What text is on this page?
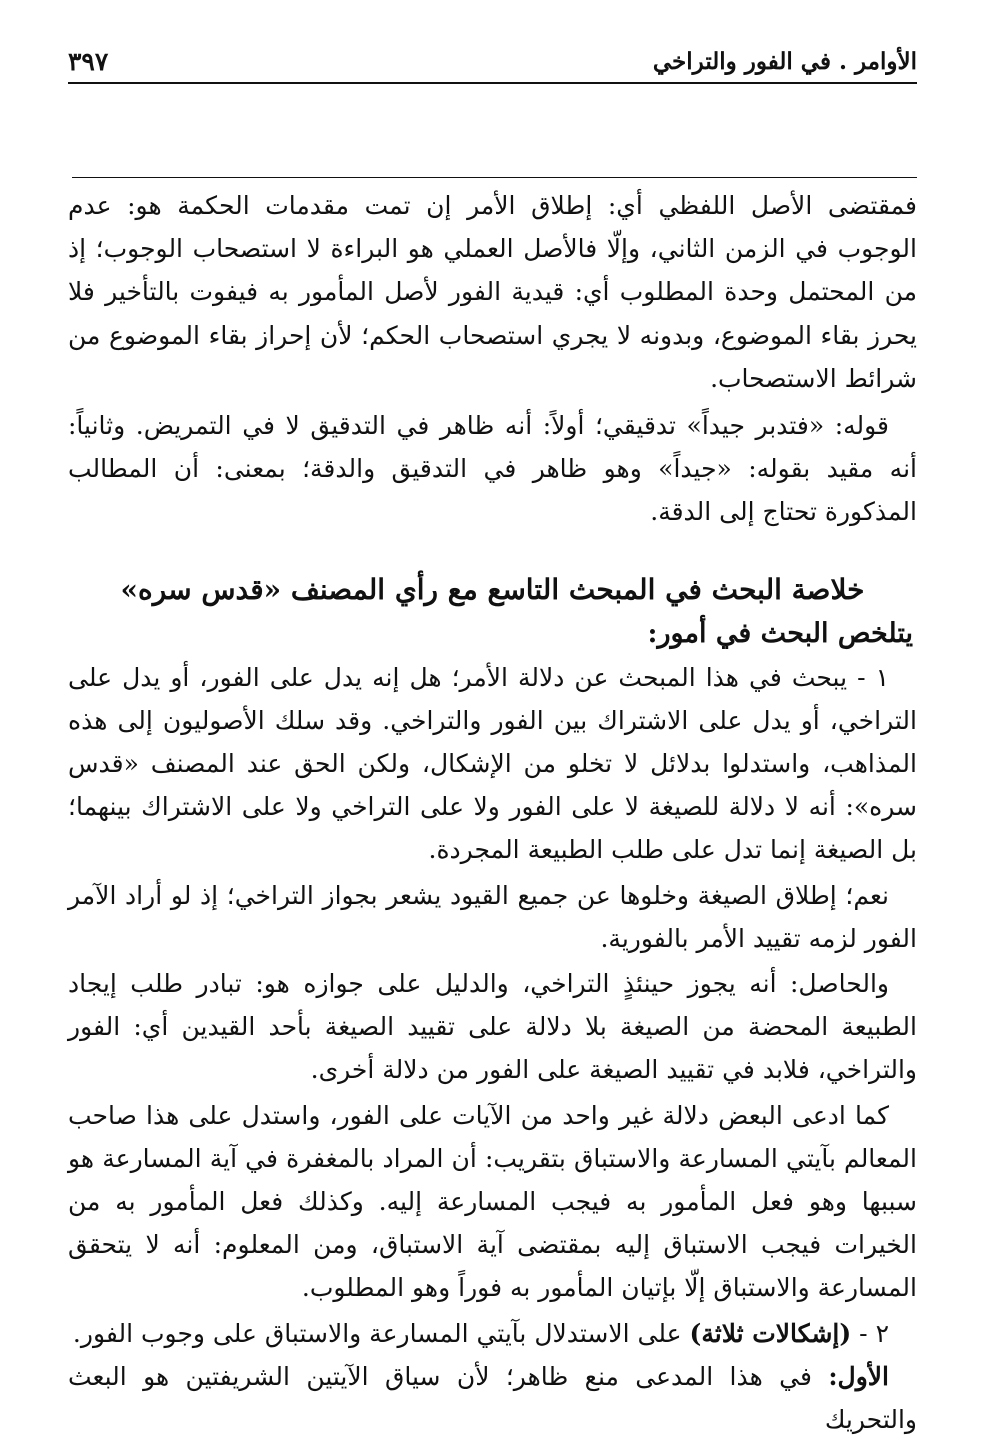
الأوامر . في الفور والتراخي
٣٩٧

فمقتضى الأصل اللفظي أي: إطلاق الأمر إن تمت مقدمات الحكمة هو: عدم الوجوب في الزمن الثاني، وإلّا فالأصل العملي هو البراءة لا استصحاب الوجوب؛ إذ من المحتمل وحدة المطلوب أي: قيدية الفور لأصل المأمور به فيفوت بالتأخير فلا يحرز بقاء الموضوع، وبدونه لا يجري استصحاب الحكم؛ لأن إحراز بقاء الموضوع من شرائط الاستصحاب.

قوله: «فتدبر جيداً» تدقيقي؛ أولاً: أنه ظاهر في التدقيق لا في التمريض. وثانياً: أنه مقيد بقوله: «جيداً» وهو ظاهر في التدقيق والدقة؛ بمعنى: أن المطالب المذكورة تحتاج إلى الدقة.

خلاصة البحث في المبحث التاسع مع رأي المصنف «قدس سره»
يتلخص البحث في أمور:

١ - يبحث في هذا المبحث عن دلالة الأمر؛ هل إنه يدل على الفور، أو يدل على التراخي، أو يدل على الاشتراك بين الفور والتراخي. وقد سلك الأصوليون إلى هذه المذاهب، واستدلوا بدلائل لا تخلو من الإشكال، ولكن الحق عند المصنف «قدس سره»: أنه لا دلالة للصيغة لا على الفور ولا على التراخي ولا على الاشتراك بينهما؛ بل الصيغة إنما تدل على طلب الطبيعة المجردة.

نعم؛ إطلاق الصيغة وخلوها عن جميع القيود يشعر بجواز التراخي؛ إذ لو أراد الآمر الفور لزمه تقييد الأمر بالفورية.

والحاصل: أنه يجوز حينئذٍ التراخي، والدليل على جوازه هو: تبادر طلب إيجاد الطبيعة المحضة من الصيغة بلا دلالة على تقييد الصيغة بأحد القيدين أي: الفور والتراخي، فلابد في تقييد الصيغة على الفور من دلالة أخرى.

كما ادعى البعض دلالة غير واحد من الآيات على الفور، واستدل على هذا صاحب المعالم بآيتي المسارعة والاستباق بتقريب: أن المراد بالمغفرة في آية المسارعة هو سببها وهو فعل المأمور به فيجب المسارعة إليه. وكذلك فعل المأمور به من الخيرات فيجب الاستباق إليه بمقتضى آية الاستباق، ومن المعلوم: أنه لا يتحقق المسارعة والاستباق إلّا بإتيان المأمور به فوراً وهو المطلوب.

٢ - (إشكالات ثلاثة) على الاستدلال بآيتي المسارعة والاستباق على وجوب الفور.

الأول: في هذا المدعى منع ظاهر؛ لأن سياق الآيتين الشريفتين هو البعث والتحريك
